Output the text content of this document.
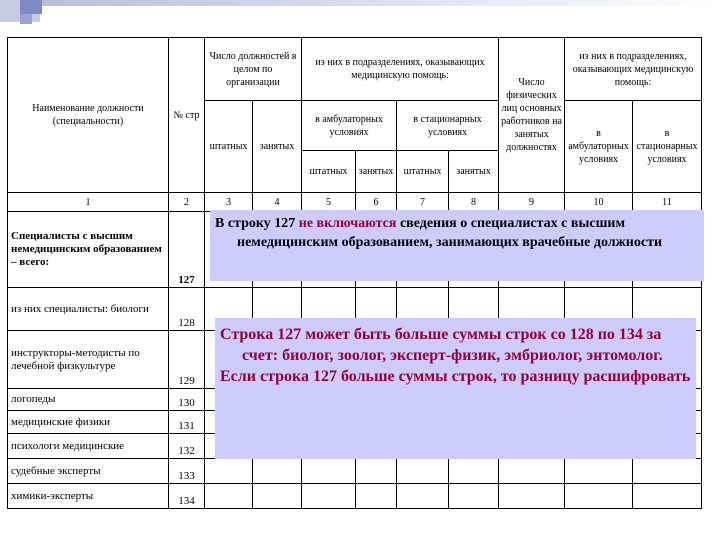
Наименование должности (специальности)	№ стр	Число должностей в целом по организации		из них в подразделениях, оказывающих медицинскую помощь:				Число физических лиц основных работников на занятых должностях	из них в подразделениях, оказывающих медицинскую помощь:	
		штатных	занятых	в амбулаторных условиях		в стационарных условиях			в амбулаторных условиях	в стационарных условиях
				штатных	занятых	штатных	занятых			
1	2	3	4	5	6	7	8	9	10	11
Специалисты с высшим немедицинским образованием – всего:	127									
из них специалисты: биологи	128									
инструкторы-методисты по лечебной физкультуре	129									
логопеды	130									
медицинские физики	131									
психологи медицинские	132									
судебные эксперты	133									
химики-эксперты	134									

В строку 127 не включаются сведения о специалистах с высшим немедицинским образованием, занимающих врачебные должности

Строка 127 может быть больше суммы строк со 128 по 134 за счет: биолог, зоолог, эксперт-физик, эмбриолог, энтомолог.

Если строка 127 больше суммы строк, то разницу расшифровать
